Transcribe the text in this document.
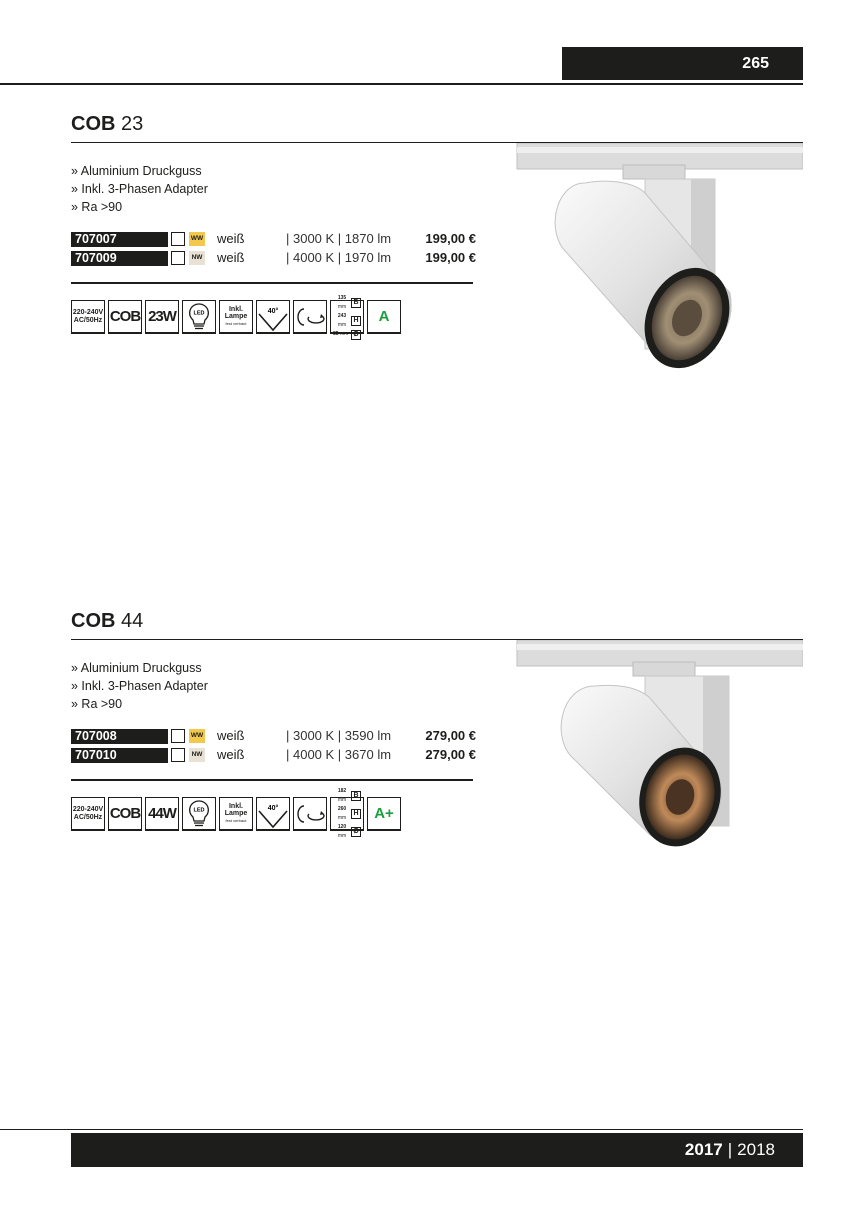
265
COB 23
» Aluminium Druckguss
» Inkl. 3-Phasen Adapter
» Ra >90
707007	WW weiß	| 3000 K | 1870 lm	199,00 €
707009	NW weiß	| 4000 K | 1970 lm	199,00 €
220-240V
AC/50Hz COB 23W	LED	Inkl.
Lampe
fest verbaut
40°
135 mm
B
243 mm
H
85 mm Ø
A
COB 44
» Aluminium Druckguss
» Inkl. 3-Phasen Adapter
» Ra >90
707008	WW weiß	| 3000 K | 3590 lm	279,00 €
707010	NW weiß	| 4000 K | 3670 lm	279,00 €
220-240V
AC/50Hz COB 44W	LED	Inkl.
Lampe
fest verbaut
40°
182 mm
B
260 mm
H
120 mm
Ø
A+
2017 | 2018
